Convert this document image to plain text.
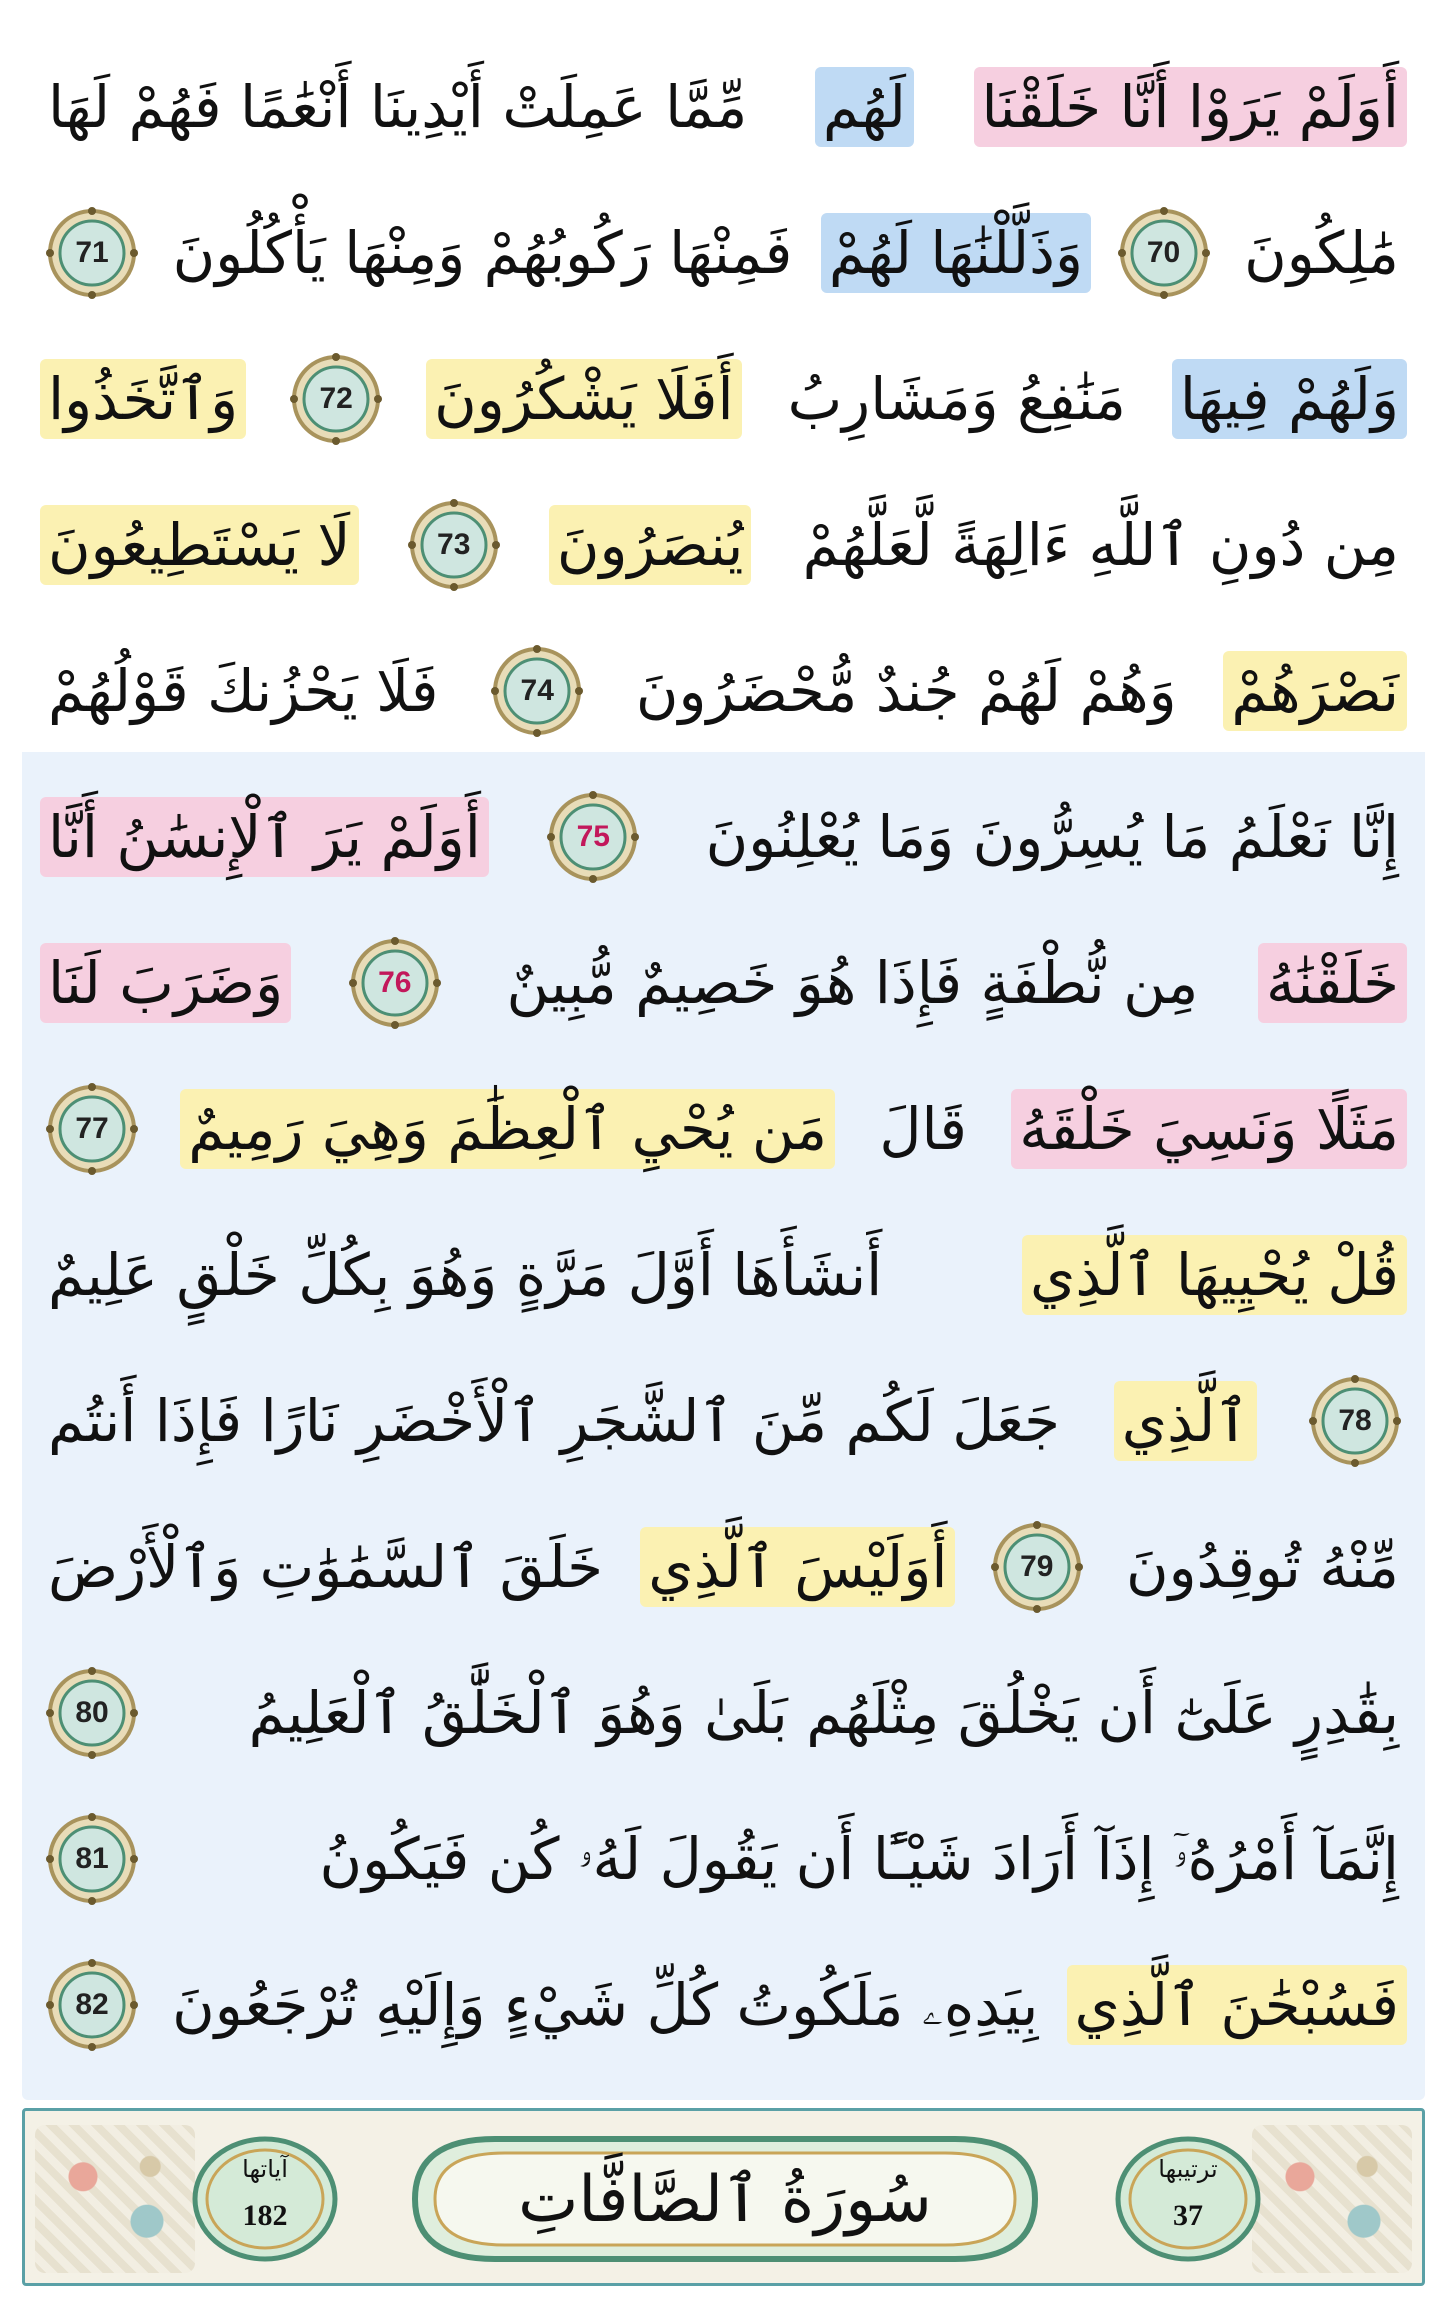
أَوَلَمْ يَرَوْا أَنَّا خَلَقْنَا
لَهُم
مِّمَّا عَمِلَتْ أَيْدِينَا أَنْعَٰمًا فَهُمْ لَهَا
مَٰلِكُونَ
70
وَذَلَّلْنَٰهَا لَهُمْ
فَمِنْهَا رَكُوبُهُمْ وَمِنْهَا يَأْكُلُونَ
71
وَلَهُمْ فِيهَا
مَنَٰفِعُ وَمَشَارِبُ
أَفَلَا يَشْكُرُونَ
72
وَٱتَّخَذُوا
مِن دُونِ ٱللَّهِ ءَالِهَةً لَّعَلَّهُمْ
يُنصَرُونَ
73
لَا يَسْتَطِيعُونَ
نَصْرَهُمْ
وَهُمْ لَهُمْ جُندٌ مُّحْضَرُونَ
74
فَلَا يَحْزُنكَ قَوْلُهُمْ
إِنَّا نَعْلَمُ مَا يُسِرُّونَ وَمَا يُعْلِنُونَ
75
أَوَلَمْ يَرَ ٱلْإِنسَٰنُ أَنَّا
خَلَقْنَٰهُ
مِن نُّطْفَةٍ فَإِذَا هُوَ خَصِيمٌ مُّبِينٌ
76
وَضَرَبَ لَنَا
مَثَلًا وَنَسِيَ خَلْقَهُ
قَالَ
مَن يُحْيِ ٱلْعِظَٰمَ وَهِيَ رَمِيمٌ
77
قُلْ يُحْيِيهَا ٱلَّذِي
أَنشَأَهَا أَوَّلَ مَرَّةٍ وَهُوَ بِكُلِّ خَلْقٍ عَلِيمٌ
78
ٱلَّذِي
جَعَلَ لَكُم مِّنَ ٱلشَّجَرِ ٱلْأَخْضَرِ نَارًا فَإِذَا أَنتُم
مِّنْهُ تُوقِدُونَ
79
أَوَلَيْسَ ٱلَّذِي
خَلَقَ ٱلسَّمَٰوَٰتِ وَٱلْأَرْضَ
بِقَٰدِرٍ عَلَىٰٓ أَن يَخْلُقَ مِثْلَهُم بَلَىٰ وَهُوَ ٱلْخَلَّٰقُ ٱلْعَلِيمُ
80
إِنَّمَآ أَمْرُهُۥٓ إِذَآ أَرَادَ شَيْـًٔا أَن يَقُولَ لَهُۥ كُن فَيَكُونُ
81
فَسُبْحَٰنَ ٱلَّذِي
بِيَدِهِۦ مَلَكُوتُ كُلِّ شَيْءٍ وَإِلَيْهِ تُرْجَعُونَ
82
آياتها
182	سُورَةُ ٱلصَّافَّاتِ	ترتيبها
37
